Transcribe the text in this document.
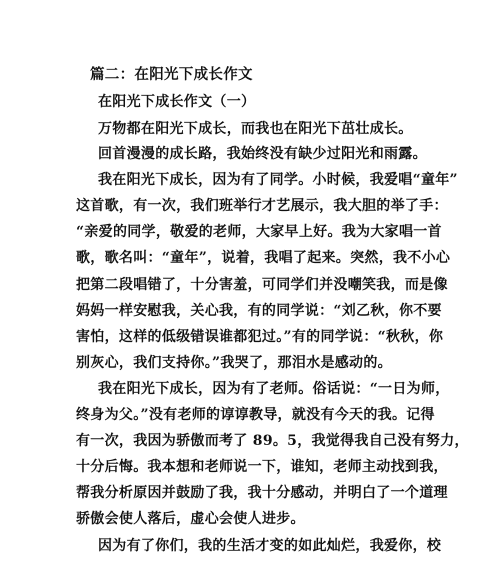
篇二：在阳光下成长作文
在阳光下成长作文（一）
万物都在阳光下成长，而我也在阳光下茁壮成长。
回首漫漫的成长路，我始终没有缺少过阳光和雨露。
我在阳光下成长，因为有了同学。小时候，我爱唱“童年”
这首歌，有一次，我们班举行才艺展示，我大胆的举了手：
“亲爱的同学，敬爱的老师，大家早上好。我为大家唱一首
歌，歌名叫：“童年”，说着，我唱了起来。突然，我不小心
把第二段唱错了，十分害羞，可同学们并没嘲笑我，而是像
妈妈一样安慰我，关心我，有的同学说：“刘乙秋，你不要
害怕，这样的低级错误谁都犯过。”有的同学说：“秋秋，你
别灰心，我们支持你。”我哭了，那泪水是感动的。
我在阳光下成长，因为有了老师。俗话说：“一日为师，
终身为父。”没有老师的谆谆教导，就没有今天的我。记得
有一次，我因为骄傲而考了 89。5，我觉得我自己没有努力，
十分后悔。我本想和老师说一下，谁知，老师主动找到我，
帮我分析原因并鼓励了我，我十分感动，并明白了一个道理
骄傲会使人落后，虚心会使人进步。
因为有了你们，我的生活才变的如此灿烂，我爱你，校
